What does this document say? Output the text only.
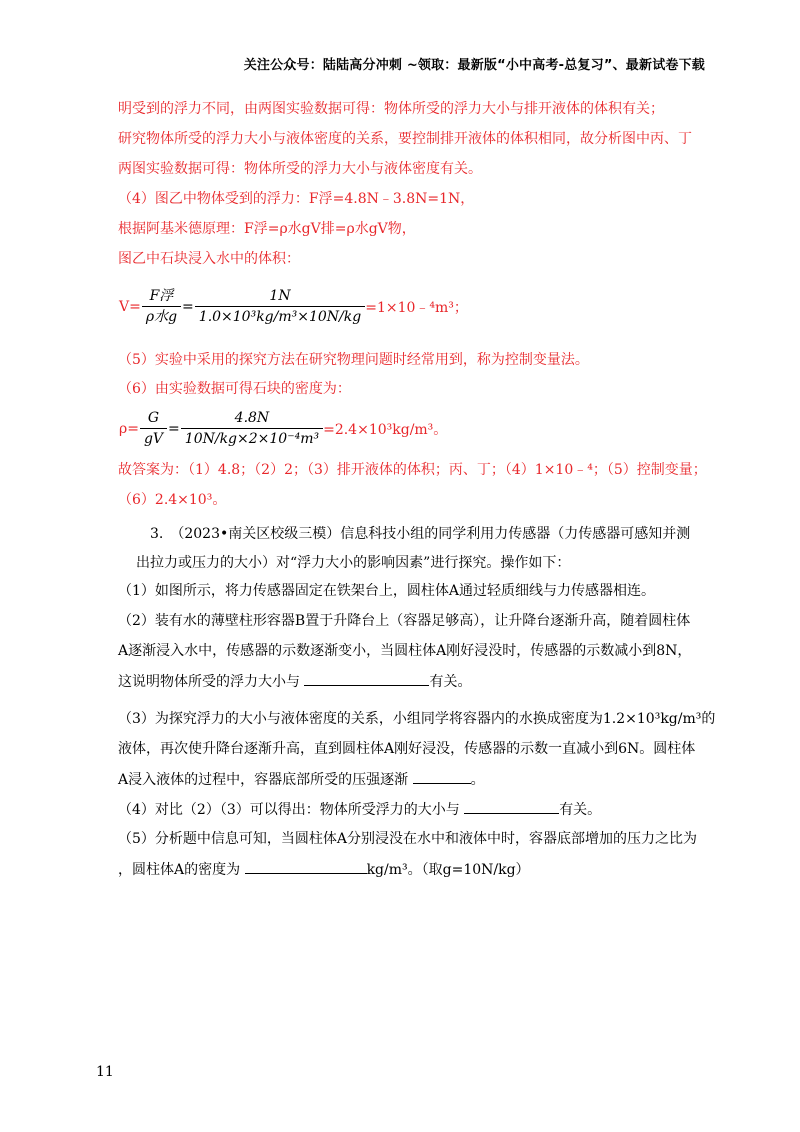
关注公众号：陆陆高分冲刺 ~领取：最新版“小中高考-总复习”、最新试卷下载
明受到的浮力不同，由两图实验数据可得：物体所受的浮力大小与排开液体的体积有关；
研究物体所受的浮力大小与液体密度的关系，要控制排开液体的体积相同，故分析图中丙、丁
两图实验数据可得：物体所受的浮力大小与液体密度有关。
（4）图乙中物体受到的浮力：F浮=4.8N﹣3.8N=1N，
根据阿基米德原理：F浮=ρ水gV排=ρ水gV物，
图乙中石块浸入水中的体积：
$V= \frac{\text{F浮}}{\text{ρ水g}} = \frac{1N}{\text{1.0×10³kg/m³×10N/kg}}$ =1×10﹣⁴m³；
（5）实验中采用的探究方法在研究物理问题时经常用到，称为控制变量法。
（6）由实验数据可得石块的密度为：
$\rho= \frac{G}{gV} = \frac{4.8N}{\text{10N/kg×2×10⁻⁴m³}} =2.4\times 10^3kg/m^3$。
故答案为：（1）4.8；（2）2；（3）排开液体的体积；丙、丁；（4）1×10﹣⁴；（5）控制变量；
（6）2.4×10³。
3.　（2023•南关区校级三模）信息科技小组的同学利用力传感器（力传感器可感知并测
出拉力或压力的大小）对“浮力大小的影响因素”进行探究。操作如下：
（1）如图所示，将力传感器固定在铁架台上，圆柱体A通过轻质细线与力传感器相连。
（2）装有水的薄壁柱形容器B置于升降台上（容器足够高），让升降台逐渐升高，随着圆柱体
A逐渐浸入水中，传感器的示数逐渐变小，当圆柱体A刚好浸没时，传感器的示数减小到8N，
这说明物体所受的浮力大小与	有关。
（3）为探究浮力的大小与液体密度的关系，小组同学将容器内的水换成密度为1.2×10³kg/m³的
液体，再次使升降台逐渐升高，直到圆柱体A刚好浸没，传感器的示数一直减小到6N。圆柱体
A浸入液体的过程中，容器底部所受的压强逐渐	。
（4）对比（2）（3）可以得出：物体所受浮力的大小与	有关。
（5）分析题中信息可知，当圆柱体A分别浸没在水中和液体中时，容器底部增加的压力之比为
，圆柱体A的密度为	kg/m³。（取g=10N/kg）
11
